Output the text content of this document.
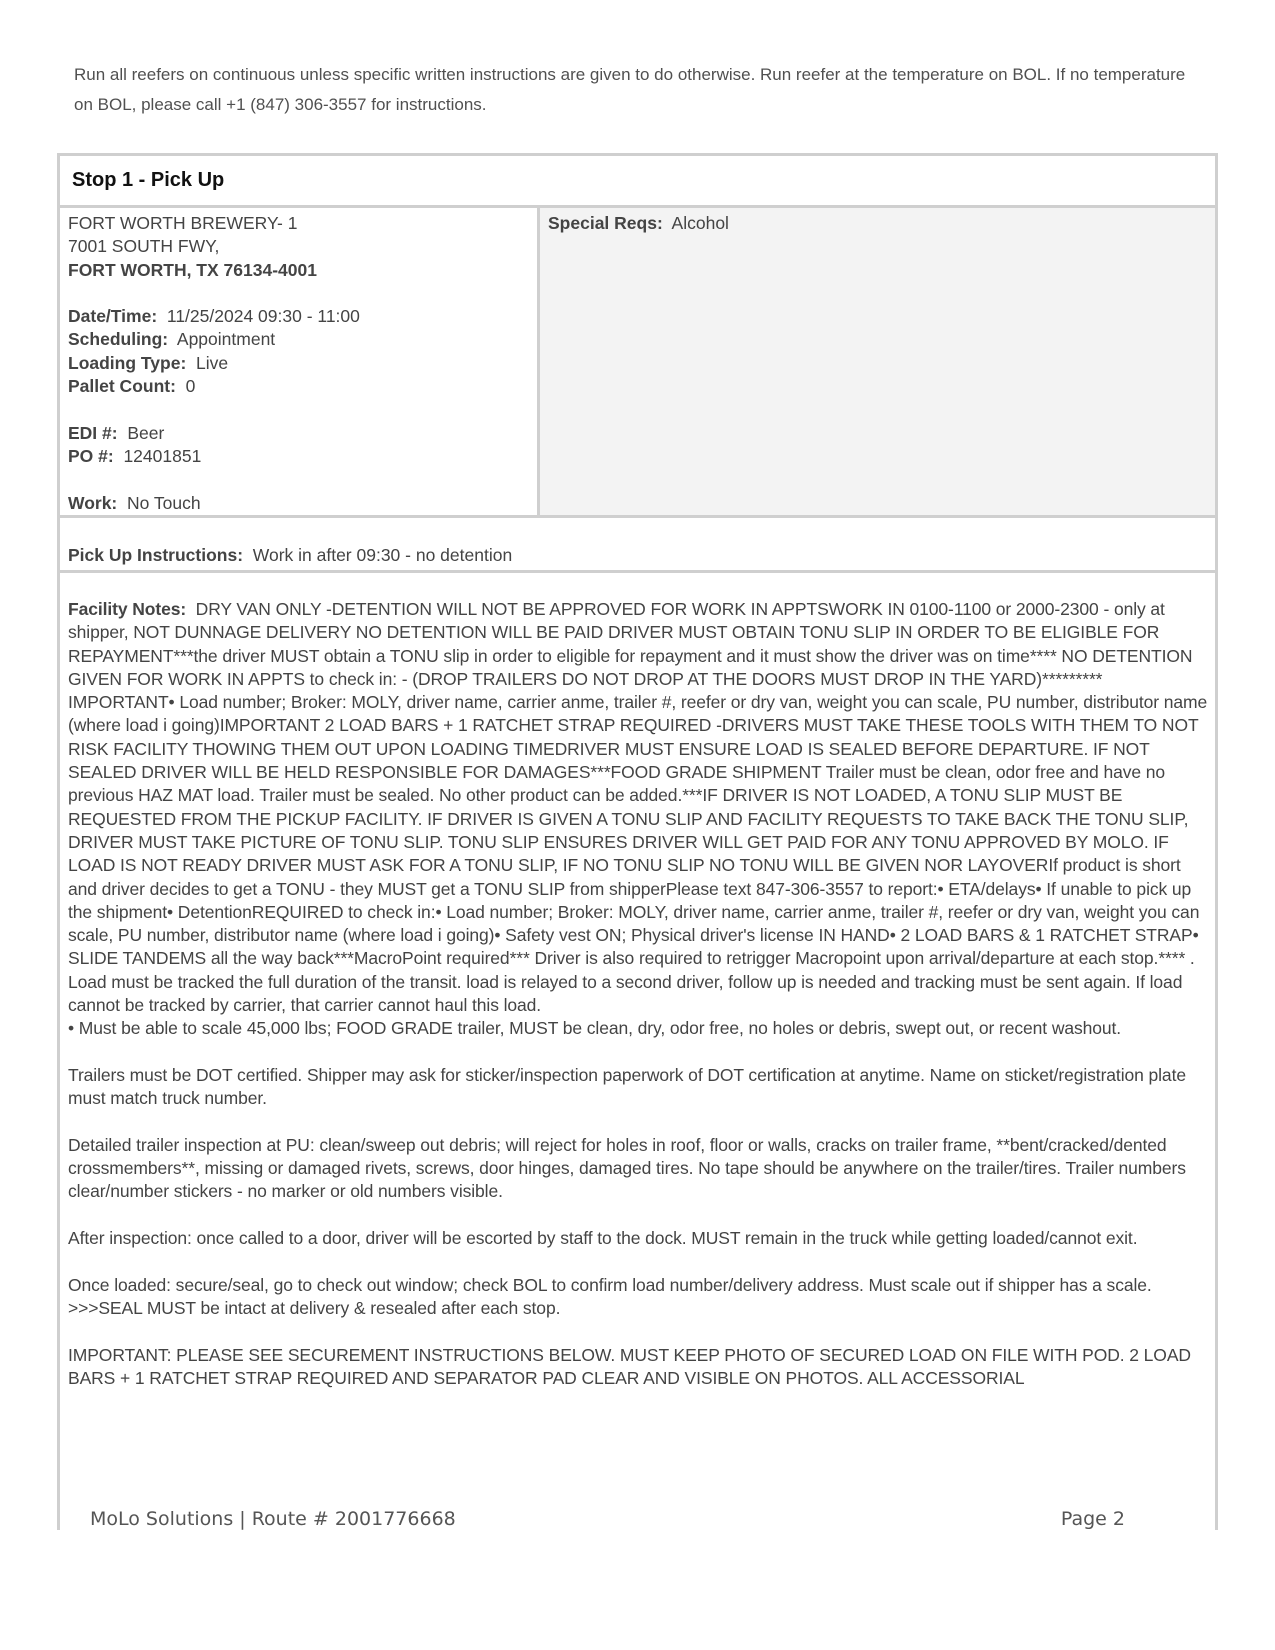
Run all reefers on continuous unless specific written instructions are given to do otherwise. Run reefer at the temperature on BOL. If no temperature on BOL, please call +1 (847) 306-3557 for instructions.
Stop 1 - Pick Up
FORT WORTH BREWERY- 1
7001 SOUTH FWY,
FORT WORTH, TX 76134-4001
Date/Time: 11/25/2024 09:30 - 11:00
Scheduling: Appointment
Loading Type: Live
Pallet Count: 0
EDI #: Beer
PO #: 12401851
Work: No Touch
Special Reqs: Alcohol
Pick Up Instructions: Work in after 09:30 - no detention

Facility Notes: DRY VAN ONLY -DETENTION WILL NOT BE APPROVED FOR WORK IN APPTSWORK IN 0100-1100 or 2000-2300 - only at shipper, NOT DUNNAGE DELIVERY NO DETENTION WILL BE PAID DRIVER MUST OBTAIN TONU SLIP IN ORDER TO BE ELIGIBLE FOR REPAYMENT***the driver MUST obtain a TONU slip in order to eligible for repayment and it must show the driver was on time**** NO DETENTION GIVEN FOR WORK IN APPTS to check in: - (DROP TRAILERS DO NOT DROP AT THE DOORS MUST DROP IN THE YARD)*********

IMPORTANT• Load number; Broker: MOLY, driver name, carrier anme, trailer #, reefer or dry van, weight you can scale, PU number, distributor name (where load i going)IMPORTANT 2 LOAD BARS + 1 RATCHET STRAP REQUIRED -DRIVERS MUST TAKE THESE TOOLS WITH THEM TO NOT RISK FACILITY THOWING THEM OUT UPON LOADING TIMEDRIVER MUST ENSURE LOAD IS SEALED BEFORE DEPARTURE. IF NOT SEALED DRIVER WILL BE HELD RESPONSIBLE FOR DAMAGES***FOOD GRADE SHIPMENT Trailer must be clean, odor free and have no previous HAZ MAT load. Trailer must be sealed. No other product can be added.***IF DRIVER IS NOT LOADED, A TONU SLIP MUST BE REQUESTED FROM THE PICKUP FACILITY. IF DRIVER IS GIVEN A TONU SLIP AND FACILITY REQUESTS TO TAKE BACK THE TONU SLIP, DRIVER MUST TAKE PICTURE OF TONU SLIP. TONU SLIP ENSURES DRIVER WILL GET PAID FOR ANY TONU APPROVED BY MOLO. IF LOAD IS NOT READY DRIVER MUST ASK FOR A TONU SLIP, IF NO TONU SLIP NO TONU WILL BE GIVEN NOR LAYOVERIf product is short and driver decides to get a TONU - they MUST get a TONU SLIP from shipperPlease text 847-306-3557 to report:• ETA/delays• If unable to pick up the shipment• DetentionREQUIRED to check in:• Load number; Broker: MOLY, driver name, carrier anme, trailer #, reefer or dry van, weight you can scale, PU number, distributor name (where load i going)• Safety vest ON; Physical driver's license IN HAND• 2 LOAD BARS & 1 RATCHET STRAP• SLIDE TANDEMS all the way back***MacroPoint required*** Driver is also required to retrigger Macropoint upon arrival/departure at each stop.**** . Load must be tracked the full duration of the transit. load is relayed to a second driver, follow up is needed and tracking must be sent again. If load cannot be tracked by carrier, that carrier cannot haul this load.

• Must be able to scale 45,000 lbs; FOOD GRADE trailer, MUST be clean, dry, odor free, no holes or debris, swept out, or recent washout.

Trailers must be DOT certified. Shipper may ask for sticker/inspection paperwork of DOT certification at anytime. Name on sticket/registration plate must match truck number.

Detailed trailer inspection at PU: clean/sweep out debris; will reject for holes in roof, floor or walls, cracks on trailer frame, **bent/cracked/dented crossmembers**, missing or damaged rivets, screws, door hinges, damaged tires. No tape should be anywhere on the trailer/tires. Trailer numbers clear/number stickers - no marker or old numbers visible.

After inspection: once called to a door, driver will be escorted by staff to the dock. MUST remain in the truck while getting loaded/cannot exit.

Once loaded: secure/seal, go to check out window; check BOL to confirm load number/delivery address. Must scale out if shipper has a scale. >>>SEAL MUST be intact at delivery & resealed after each stop.

IMPORTANT: PLEASE SEE SECUREMENT INSTRUCTIONS BELOW. MUST KEEP PHOTO OF SECURED LOAD ON FILE WITH POD. 2 LOAD BARS + 1 RATCHET STRAP REQUIRED AND SEPARATOR PAD CLEAR AND VISIBLE ON PHOTOS. ALL ACCESSORIAL

MoLo Solutions | Route # 2001776668	Page 2
